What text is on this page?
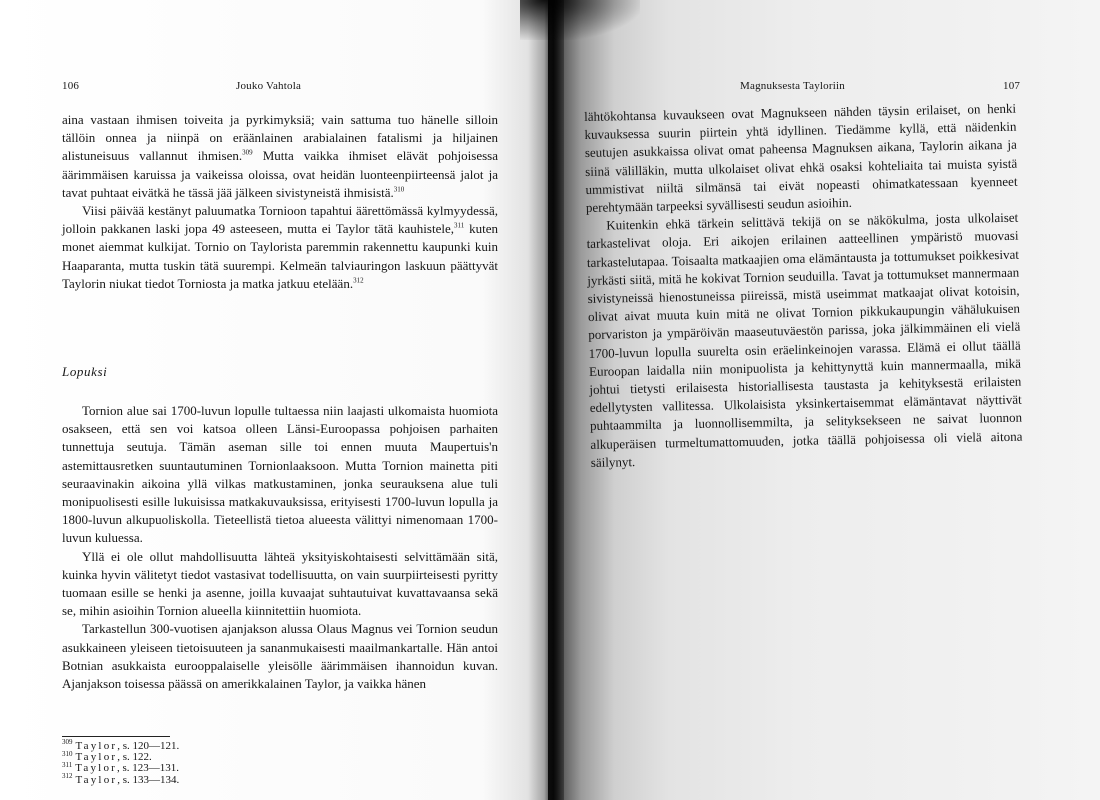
106	Jouko Vahtola

aina vastaan ihmisen toiveita ja pyrkimyksiä; vain sattuma tuo hänelle silloin tällöin onnea ja niinpä on eräänlainen arabialainen fatalismi ja hiljainen alistuneisuus vallannut ihmisen.$^{309}$ Mutta vaikka ihmiset elävät pohjoisessa äärimmäisen karuissa ja vaikeissa oloissa, ovat heidän luonteenpiirteensä jalot ja tavat puhtaat eivätkä he tässä jää jälkeen sivistyneistä ihmisistä.$^{310}$

Viisi päivää kestänyt paluumatka Tornioon tapahtui äärettömässä kylmyydessä, jolloin pakkanen laski jopa 49 asteeseen, mutta ei Taylor tätä kauhistele,$^{311}$ kuten monet aiemmat kulkijat. Tornio on Taylorista paremmin rakennettu kaupunki kuin Haaparanta, mutta tuskin tätä suurempi. Kelmeän talviauringon laskuun päättyvät Taylorin niukat tiedot Torniosta ja matka jatkuu etelään.$^{312}$

Lopuksi

Tornion alue sai 1700-luvun lopulle tultaessa niin laajasti ulkomaista huomiota osakseen, että sen voi katsoa olleen Länsi-Euroopassa pohjoisen parhaiten tunnettuja seutuja. Tämän aseman sille toi ennen muuta Maupertuis'n astemittausretken suuntautuminen Tornionlaaksoon. Mutta Tornion mainetta piti seuraavinakin aikoina yllä vilkas matkustaminen, jonka seurauksena alue tuli monipuolisesti esille lukuisissa matkakuvauksissa, erityisesti 1700-luvun lopulla ja 1800-luvun alkupuoliskolla. Tieteellistä tietoa alueesta välittyi nimenomaan 1700-luvun kuluessa.

Yllä ei ole ollut mahdollisuutta lähteä yksityiskohtaisesti selvittämään sitä, kuinka hyvin välitetyt tiedot vastasivat todellisuutta, on vain suurpiirteisesti pyritty tuomaan esille se henki ja asenne, joilla kuvaajat suhtautuivat kuvattavaansa sekä se, mihin asioihin Tornion alueella kiinnitettiin huomiota.

Tarkastellun 300-vuotisen ajanjakson alussa Olaus Magnus vei Tornion seudun asukkaineen yleiseen tietoisuuteen ja sananmukaisesti maailmankartalle. Hän antoi Botnian asukkaista eurooppalaiselle yleisölle äärimmäisen ihannoidun kuvan. Ajanjakson toisessa päässä on amerikkalainen Taylor, ja vaikka hänen

$^{309}$ Taylor, s. 120—121.
$^{310}$ Taylor, s. 122.
$^{311}$ Taylor, s. 123—131.
$^{312}$ Taylor, s. 133—134.
Magnuksesta Tayloriin	107

lähtökohtansa kuvaukseen ovat Magnukseen nähden täysin erilaiset, on henki kuvauksessa suurin piirtein yhtä idyllinen. Tiedämme kyllä, että näidenkin seutujen asukkaissa olivat omat paheensa Magnuksen aikana, Taylorin aikana ja siinä välilläkin, mutta ulkolaiset olivat ehkä osaksi kohteliaita tai muista syistä ummistivat niiltä silmänsä tai eivät nopeasti ohimatkatessaan kyenneet perehtymään tarpeeksi syvällisesti seudun asioihin.

Kuitenkin ehkä tärkein selittävä tekijä on se näkökulma, josta ulkolaiset tarkastelivat oloja. Eri aikojen erilainen aatteellinen ympäristö muovasi tarkastelutapaa. Toisaalta matkaajien oma elämäntausta ja tottumukset poikkesivat jyrkästi siitä, mitä he kokivat Tornion seuduilla. Tavat ja tottumukset mannermaan sivistyneissä hienostuneissa piireissä, mistä useimmat matkaajat olivat kotoisin, olivat aivat muuta kuin mitä ne olivat Tornion pikkukaupungin vähälukuisen porvariston ja ympäröivän maaseutuväestön parissa, joka jälkimmäinen eli vielä 1700-luvun lopulla suurelta osin eräelinkeinojen varassa. Elämä ei ollut täällä Euroopan laidalla niin monipuolista ja kehittynyttä kuin mannermaalla, mikä johtui tietysti erilaisesta historiallisesta taustasta ja kehityksestä erilaisten edellytysten vallitessa. Ulkolaisista yksinkertaisemmat elämäntavat näyttivät puhtaammilta ja luonnollisemmilta, ja selityksekseen ne saivat luonnon alkuperäisen turmeltumattomuuden, jotka täällä pohjoisessa oli vielä aitona säilynyt.
